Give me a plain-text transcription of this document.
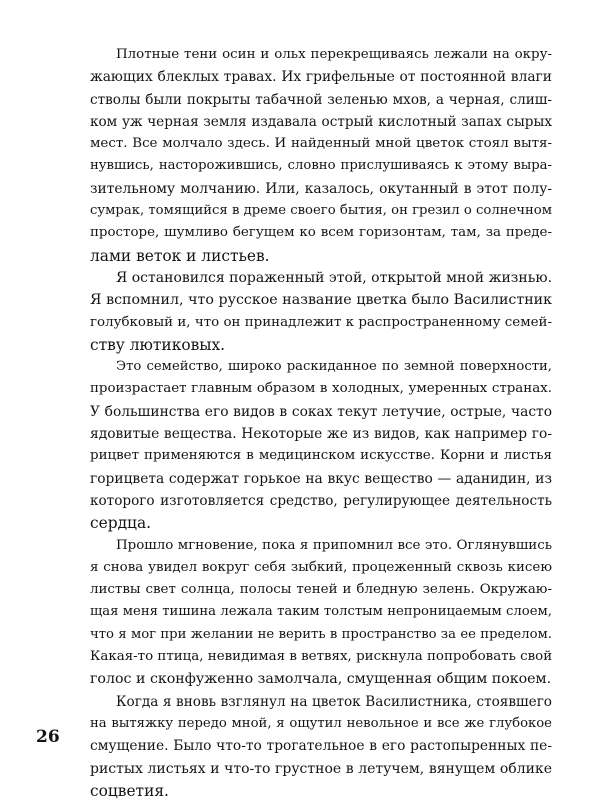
Плотные тени осин и ольх перекрещиваясь лежали на окру-
жающих блеклых травах. Их грифельные от постоянной влаги
стволы были покрыты табачной зеленью мхов, а черная, слиш-
ком уж черная земля издавала острый кислотный запах сырых
мест. Все молчало здесь. И найденный мной цветок стоял вытя-
нувшись, насторожившись, словно прислушиваясь к этому выра-
зительному молчанию. Или, казалось, окутанный в этот полу-
сумрак, томящийся в дреме своего бытия, он грезил о солнечном
просторе, шумливо бегущем ко всем горизонтам, там, за преде-
лами веток и листьев.
Я остановился пораженный этой, открытой мной жизнью.
Я вспомнил, что русское название цветка было Василистник
голубковый и, что он принадлежит к распространенному семей-
ству лютиковых.
Это семейство, широко раскиданное по земной поверхности,
произрастает главным образом в холодных, умеренных странах.
У большинства его видов в соках текут летучие, острые, часто
ядовитые вещества. Некоторые же из видов, как например го-
рицвет применяются в медицинском искусстве. Корни и листья
горицвета содержат горькое на вкус вещество — аданидин, из
которого изготовляется средство, регулирующее деятельность
сердца.
Прошло мгновение, пока я припомнил все это. Оглянувшись
я снова увидел вокруг себя зыбкий, процеженный сквозь кисею
листвы свет солнца, полосы теней и бледную зелень. Окружаю-
щая меня тишина лежала таким толстым непроницаемым слоем,
что я мог при желании не верить в пространство за ее пределом.
Какая-то птица, невидимая в ветвях, рискнула попробовать свой
голос и сконфуженно замолчала, смущенная общим покоем.
Когда я вновь взглянул на цветок Василистника, стоявшего
на вытяжку передо мной, я ощутил невольное и все же глубокое
смущение. Было что-то трогательное в его растопыренных пе-
ристых листьях и что-то грустное в летучем, вянущем облике
соцветия.
26
